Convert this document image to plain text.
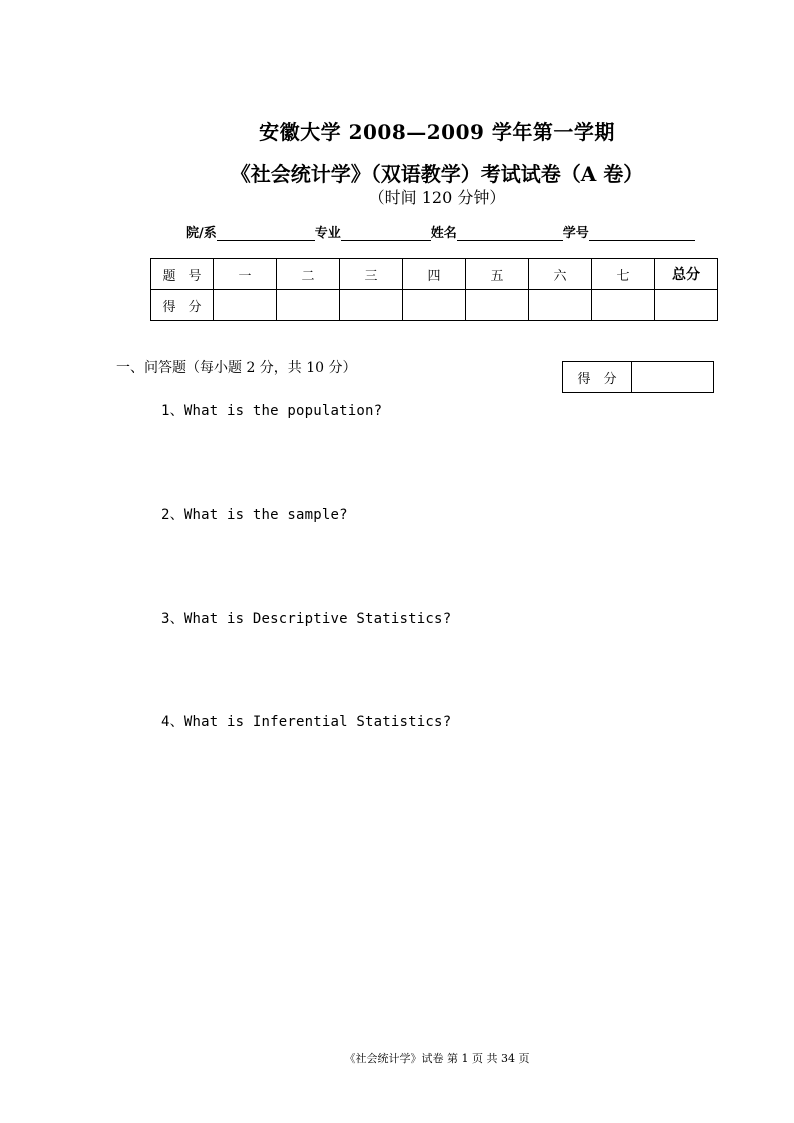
安徽大学 2008—2009 学年第一学期
《社会统计学》（双语教学）考试试卷（A 卷）
（时间 120 分钟）
院/系	专业	姓名	学号
题　号	一	二	三	四	五	六	七	总分
得　分								
一、问答题（每小题 2 分，共 10 分）
得　分	
1、What is the population?
2、What is the sample?
3、What is Descriptive Statistics?
4、What is Inferential Statistics?
《社会统计学》试卷 第 1 页 共 34 页
